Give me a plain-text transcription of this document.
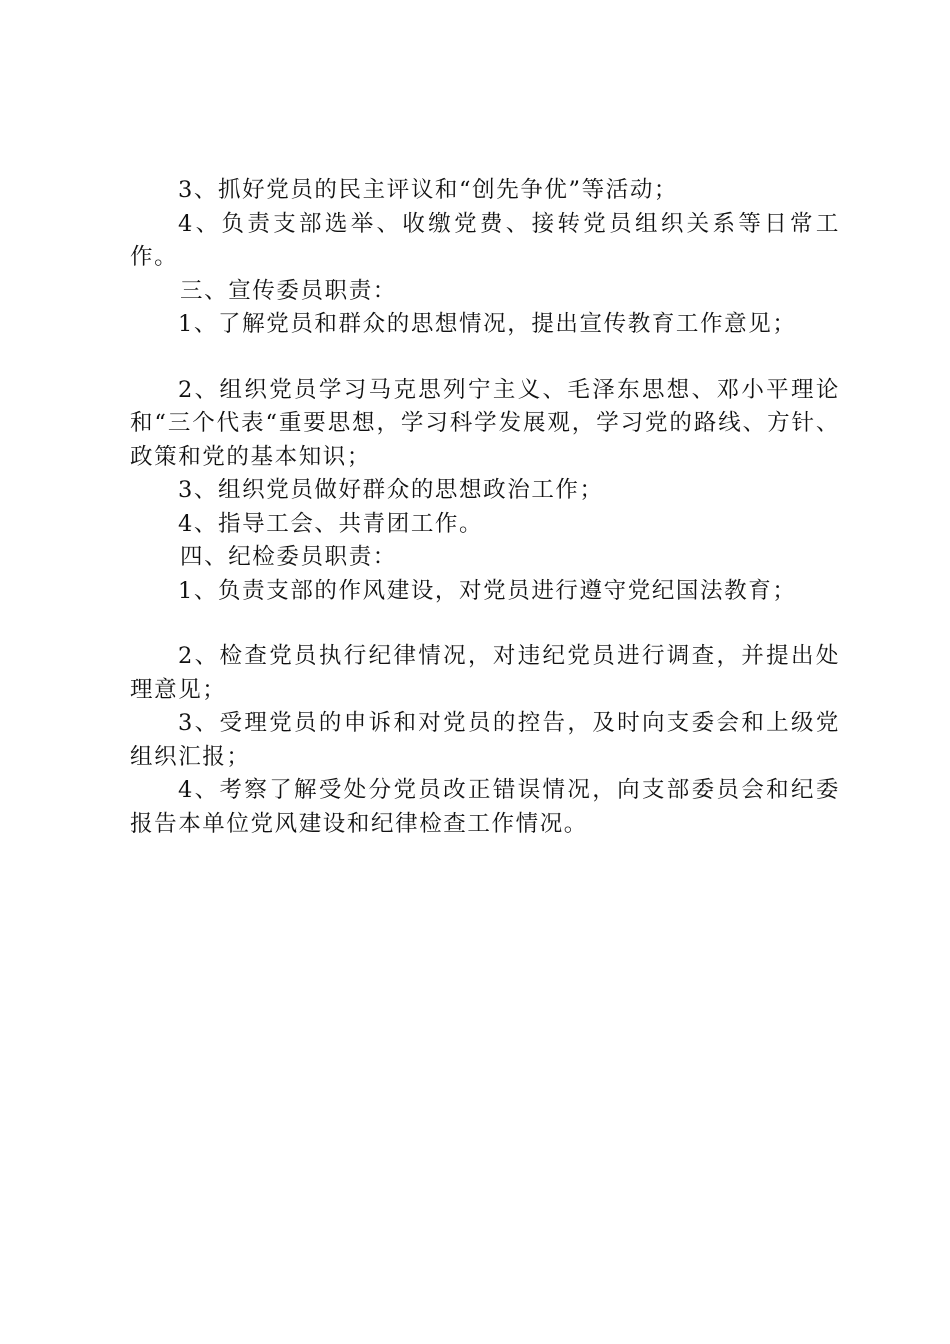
3、抓好党员的民主评议和“创先争优”等活动；

4、负责支部选举、收缴党费、接转党员组织关系等日常工作。

三、宣传委员职责：

1、了解党员和群众的思想情况，提出宣传教育工作意见；

2、组织党员学习马克思列宁主义、毛泽东思想、邓小平理论和“三个代表“重要思想，学习科学发展观，学习党的路线、方针、政策和党的基本知识；

3、组织党员做好群众的思想政治工作；

4、指导工会、共青团工作。

四、纪检委员职责：

1、负责支部的作风建设，对党员进行遵守党纪国法教育；

2、检查党员执行纪律情况，对违纪党员进行调查，并提出处理意见；

3、受理党员的申诉和对党员的控告，及时向支委会和上级党组织汇报；

4、考察了解受处分党员改正错误情况，向支部委员会和纪委报告本单位党风建设和纪律检查工作情况。
